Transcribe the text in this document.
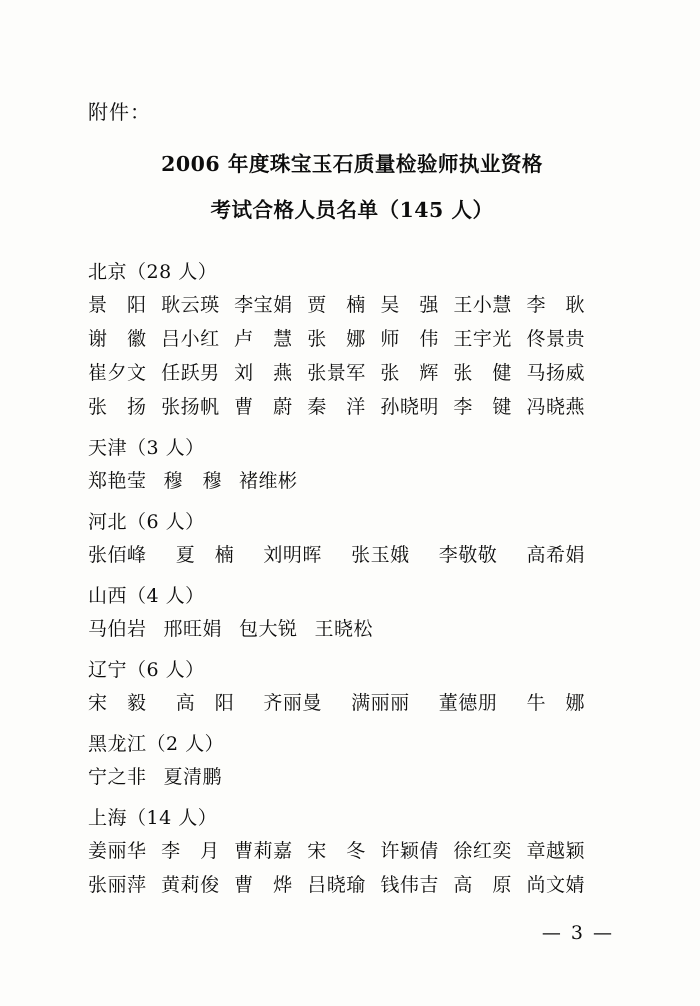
附件：
2006 年度珠宝玉石质量检验师执业资格
考试合格人员名单（145 人）
北京（28 人）
景　阳 耿云瑛 李宝娟 贾　楠 吴　强 王小慧 李　耿
谢　徽 吕小红 卢　慧 张　娜 师　伟 王宇光 佟景贵
崔夕文 任跃男 刘　燕 张景军 张　辉 张　健 马扬威
张　扬 张扬帆 曹　蔚 秦　洋 孙晓明 李　键 冯晓燕
天津（3 人）
郑艳莹 穆　穆 褚维彬
河北（6 人）
张佰峰 夏　楠 刘明晖 张玉娥 李敬敬 高希娟
山西（4 人）
马伯岩 邢旺娟 包大锐 王晓松
辽宁（6 人）
宋　毅 高　阳 齐丽曼 满丽丽 董德朋 牛　娜
黑龙江（2 人）
宁之非 夏清鹏
上海（14 人）
姜丽华 李　月 曹莉嘉 宋　冬 许颖倩 徐红奕 章越颖
张丽萍 黄莉俊 曹　烨 吕晓瑜 钱伟吉 高　原 尚文婧
— 3 —
